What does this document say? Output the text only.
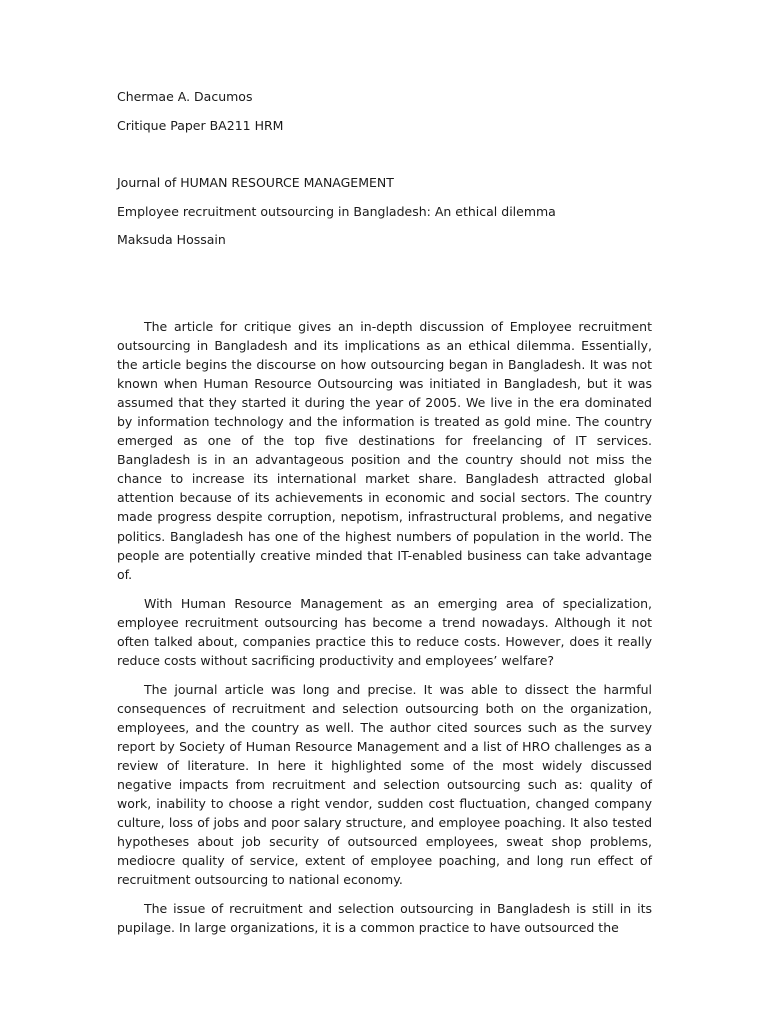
Chermae A. Dacumos
Critique Paper BA211 HRM
Journal of HUMAN RESOURCE MANAGEMENT
Employee recruitment outsourcing in Bangladesh: An ethical dilemma
Maksuda Hossain

The article for critique gives an in-depth discussion of Employee recruitment outsourcing in Bangladesh and its implications as an ethical dilemma. Essentially, the article begins the discourse on how outsourcing began in Bangladesh. It was not known when Human Resource Outsourcing was initiated in Bangladesh, but it was assumed that they started it during the year of 2005. We live in the era dominated by information technology and the information is treated as gold mine. The country emerged as one of the top five destinations for freelancing of IT services. Bangladesh is in an advantageous position and the country should not miss the chance to increase its international market share. Bangladesh attracted global attention because of its achievements in economic and social sectors. The country made progress despite corruption, nepotism, infrastructural problems, and negative politics. Bangladesh has one of the highest numbers of population in the world. The people are potentially creative minded that IT-enabled business can take advantage of.

With Human Resource Management as an emerging area of specialization, employee recruitment outsourcing has become a trend nowadays. Although it not often talked about, companies practice this to reduce costs. However, does it really reduce costs without sacrificing productivity and employees’ welfare?

The journal article was long and precise. It was able to dissect the harmful consequences of recruitment and selection outsourcing both on the organization, employees, and the country as well. The author cited sources such as the survey report by Society of Human Resource Management and a list of HRO challenges as a review of literature. In here it highlighted some of the most widely discussed negative impacts from recruitment and selection outsourcing such as: quality of work, inability to choose a right vendor, sudden cost fluctuation, changed company culture, loss of jobs and poor salary structure, and employee poaching. It also tested hypotheses about job security of outsourced employees, sweat shop problems, mediocre quality of service, extent of employee poaching, and long run effect of recruitment outsourcing to national economy.

The issue of recruitment and selection outsourcing in Bangladesh is still in its pupilage. In large organizations, it is a common practice to have outsourced the
